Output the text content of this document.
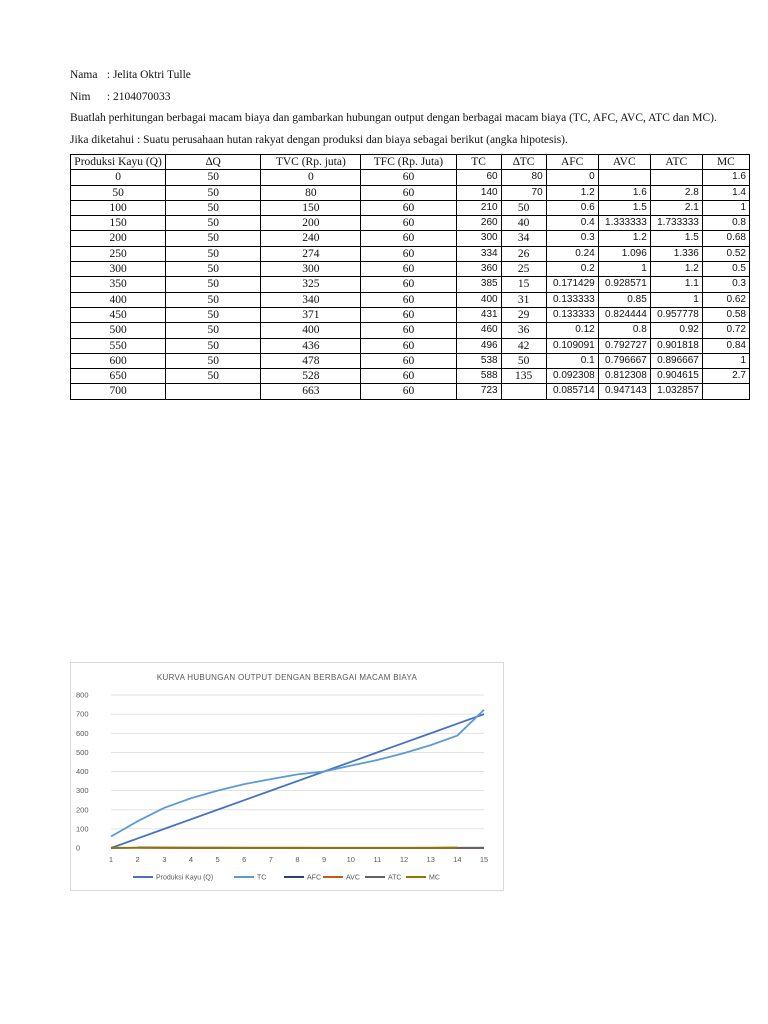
Nama : Jelita Oktri Tulle
Nim : 2104070033
Buatlah perhitungan berbagai macam biaya dan gambarkan hubungan output dengan berbagai macam biaya (TC, AFC, AVC, ATC dan MC).
Jika diketahui : Suatu perusahaan hutan rakyat dengan produksi dan biaya sebagai berikut (angka hipotesis).
Produksi Kayu (Q)	∆Q	TVC (Rp. juta)	TFC (Rp. Juta)	TC	∆TC	AFC	AVC	ATC	MC
0	50	0	60	60	80	0			1.6
50	50	80	60	140	70	1.2	1.6	2.8	1.4
100	50	150	60	210	50	0.6	1.5	2.1	1
150	50	200	60	260	40	0.4	1.333333	1.733333	0.8
200	50	240	60	300	34	0.3	1.2	1.5	0.68
250	50	274	60	334	26	0.24	1.096	1.336	0.52
300	50	300	60	360	25	0.2	1	1.2	0.5
350	50	325	60	385	15	0.171429	0.928571	1.1	0.3
400	50	340	60	400	31	0.133333	0.85	1	0.62
450	50	371	60	431	29	0.133333	0.824444	0.957778	0.58
500	50	400	60	460	36	0.12	0.8	0.92	0.72
550	50	436	60	496	42	0.109091	0.792727	0.901818	0.84
600	50	478	60	538	50	0.1	0.796667	0.896667	1
650	50	528	60	588	135	0.092308	0.812308	0.904615	2.7
700		663	60	723		0.085714	0.947143	1.032857	
KURVA HUBUNGAN OUTPUT DENGAN BERBAGAI MACAM BIAYA
0
100
200
300
400
500
600
700
800
1	2	3	4	5	6	7	8	9	10 11 12 13 14 15
Produksi Kayu (Q)	TC	AFC	AVC	ATC	MC
